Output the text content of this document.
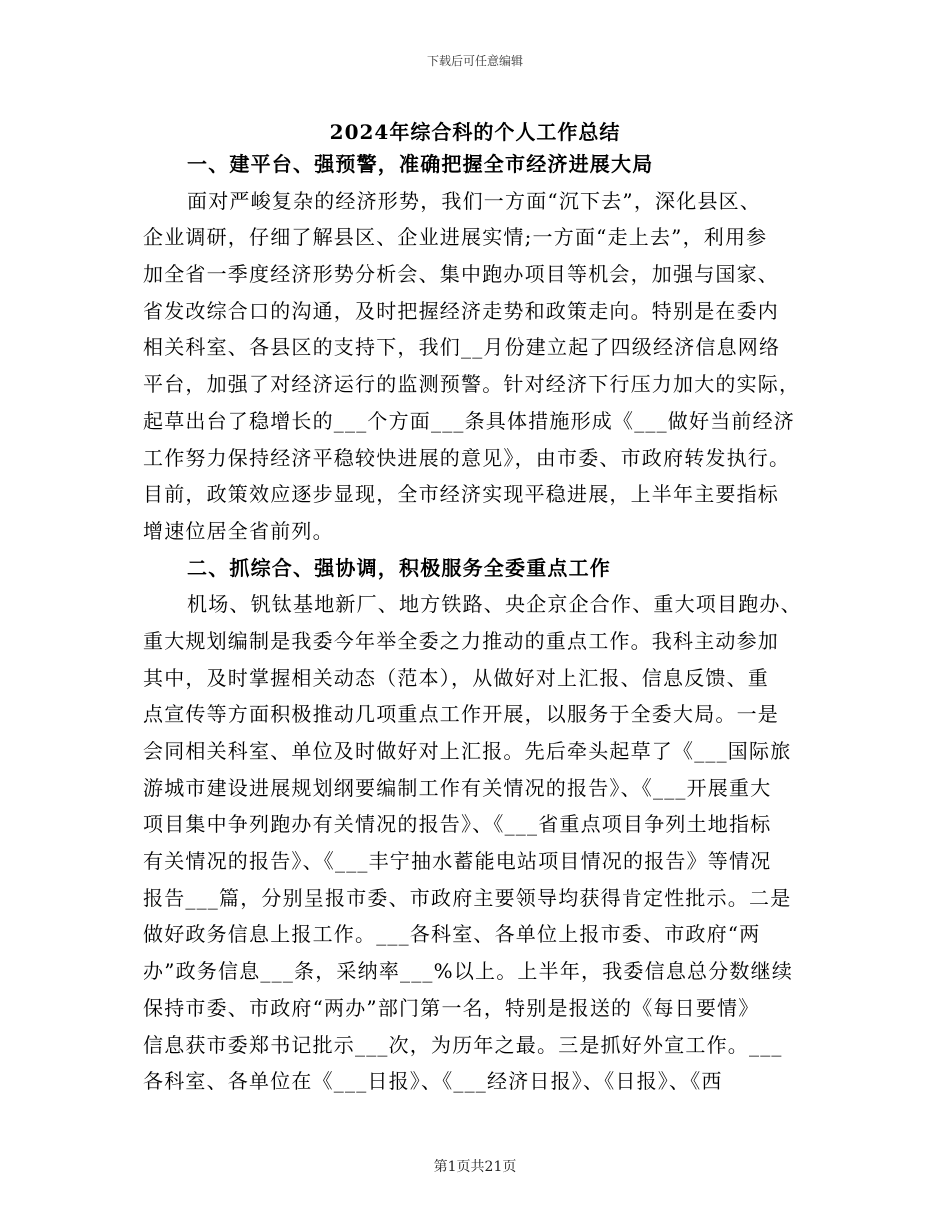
下载后可任意编辑
2024年综合科的个人工作总结
一、建平台、强预警，准确把握全市经济进展大局
面对严峻复杂的经济形势，我们一方面“沉下去”，深化县区、
企业调研，仔细了解县区、企业进展实情;一方面“走上去”，利用参
加全省一季度经济形势分析会、集中跑办项目等机会，加强与国家、
省发改综合口的沟通，及时把握经济走势和政策走向。特别是在委内
相关科室、各县区的支持下，我们__月份建立起了四级经济信息网络
平台，加强了对经济运行的监测预警。针对经济下行压力加大的实际，
起草出台了稳增长的___个方面___条具体措施形成《___做好当前经济
工作努力保持经济平稳较快进展的意见》，由市委、市政府转发执行。
目前，政策效应逐步显现，全市经济实现平稳进展，上半年主要指标
增速位居全省前列。
二、抓综合、强协调，积极服务全委重点工作
机场、钒钛基地新厂、地方铁路、央企京企合作、重大项目跑办、
重大规划编制是我委今年举全委之力推动的重点工作。我科主动参加
其中，及时掌握相关动态（范本），从做好对上汇报、信息反馈、重
点宣传等方面积极推动几项重点工作开展，以服务于全委大局。一是
会同相关科室、单位及时做好对上汇报。先后牵头起草了《___国际旅
游城市建设进展规划纲要编制工作有关情况的报告》、《___开展重大
项目集中争列跑办有关情况的报告》、《___省重点项目争列土地指标
有关情况的报告》、《___丰宁抽水蓄能电站项目情况的报告》等情况
报告___篇，分别呈报市委、市政府主要领导均获得肯定性批示。二是
做好政务信息上报工作。___各科室、各单位上报市委、市政府“两
办”政务信息___条，采纳率___%以上。上半年，我委信息总分数继续
保持市委、市政府“两办”部门第一名，特别是报送的《每日要情》
信息获市委郑书记批示___次，为历年之最。三是抓好外宣工作。___
各科室、各单位在《___日报》、《___经济日报》、《日报》、《西
第1页共21页
